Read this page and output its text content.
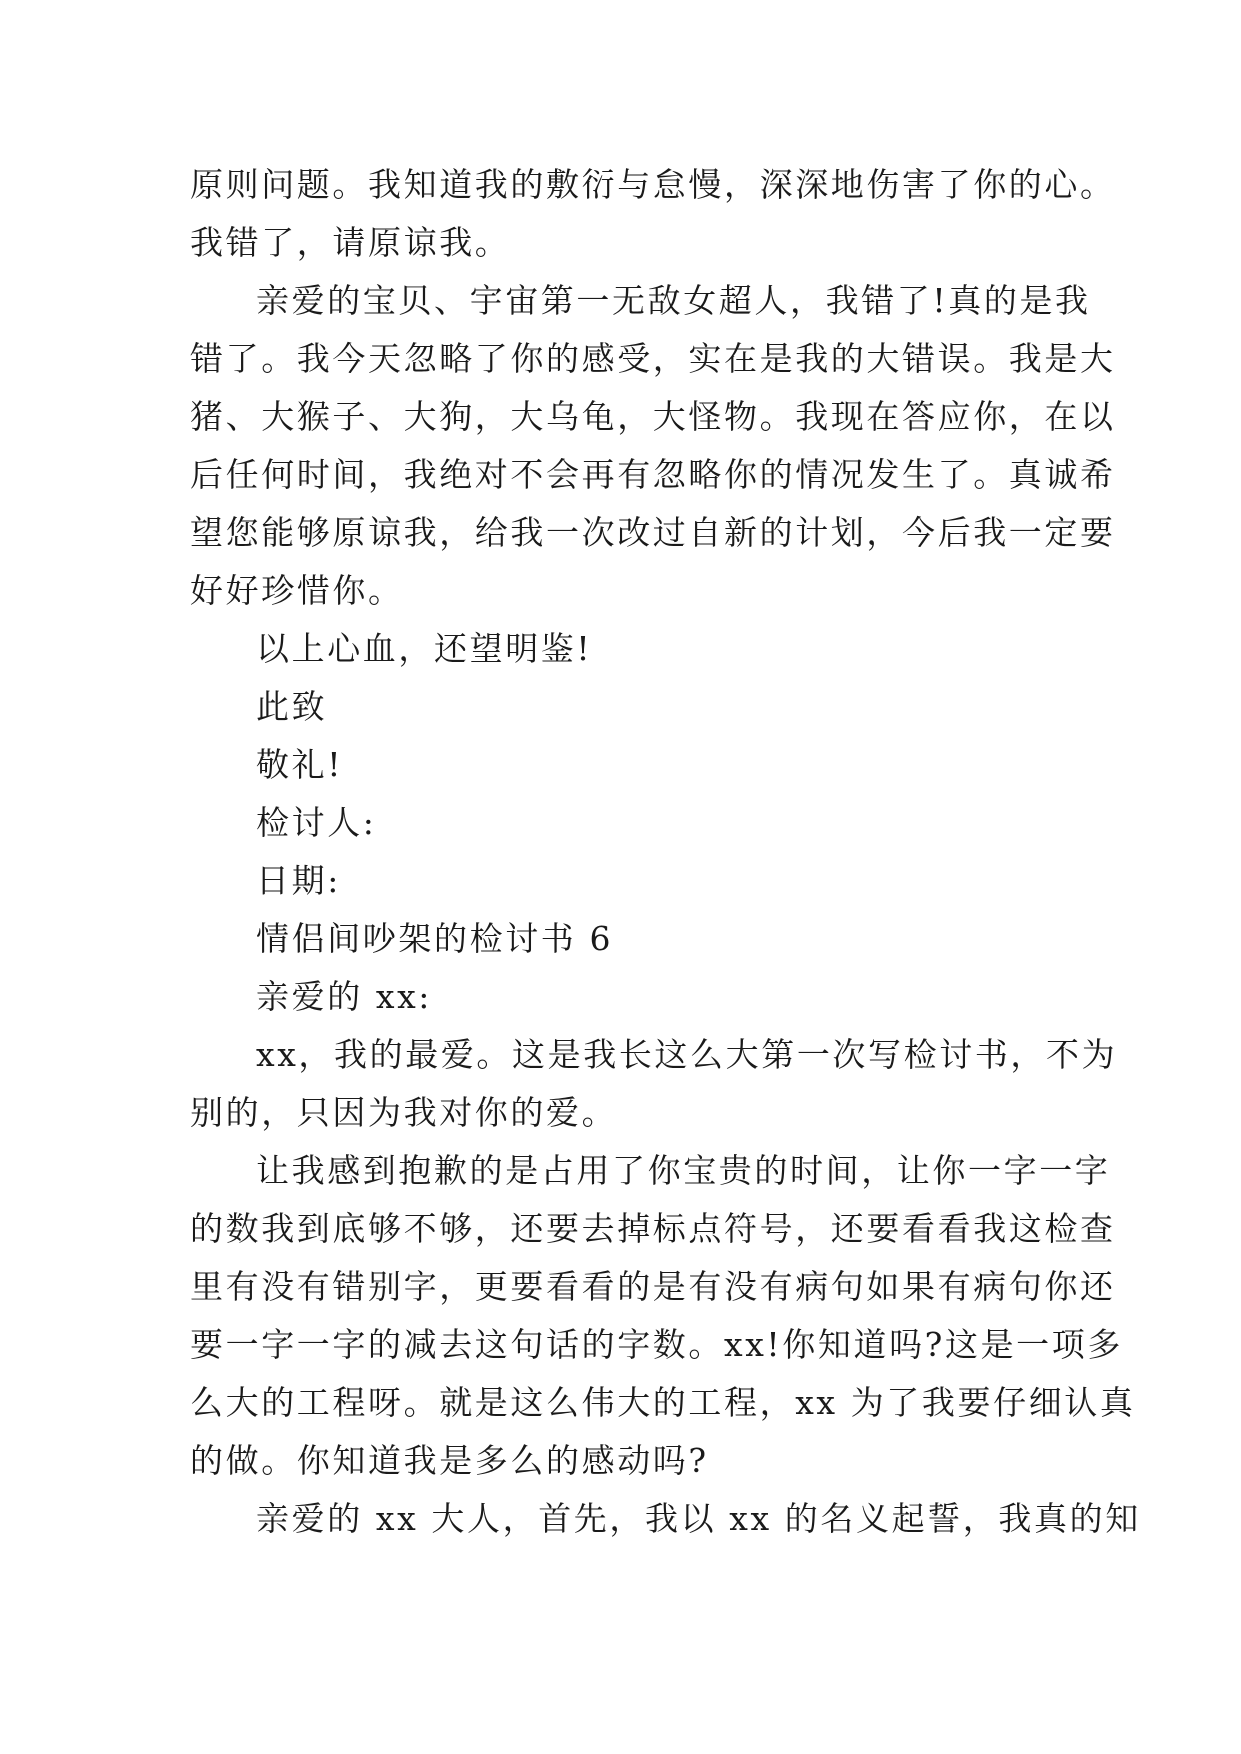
原则问题。我知道我的敷衍与怠慢，深深地伤害了你的心。
我错了，请原谅我。
亲爱的宝贝、宇宙第一无敌女超人，我错了!真的是我
错了。我今天忽略了你的感受，实在是我的大错误。我是大
猪、大猴子、大狗，大乌龟，大怪物。我现在答应你，在以
后任何时间，我绝对不会再有忽略你的情况发生了。真诚希
望您能够原谅我，给我一次改过自新的计划，今后我一定要
好好珍惜你。
以上心血，还望明鉴!
此致
敬礼!
检讨人:
日期:
情侣间吵架的检讨书 6
亲爱的 xx:
xx，我的最爱。这是我长这么大第一次写检讨书，不为
别的，只因为我对你的爱。
让我感到抱歉的是占用了你宝贵的时间，让你一字一字
的数我到底够不够，还要去掉标点符号，还要看看我这检查
里有没有错别字，更要看看的是有没有病句如果有病句你还
要一字一字的减去这句话的字数。xx!你知道吗?这是一项多
么大的工程呀。就是这么伟大的工程，xx 为了我要仔细认真
的做。你知道我是多么的感动吗?
亲爱的 xx 大人，首先，我以 xx 的名义起誓，我真的知
